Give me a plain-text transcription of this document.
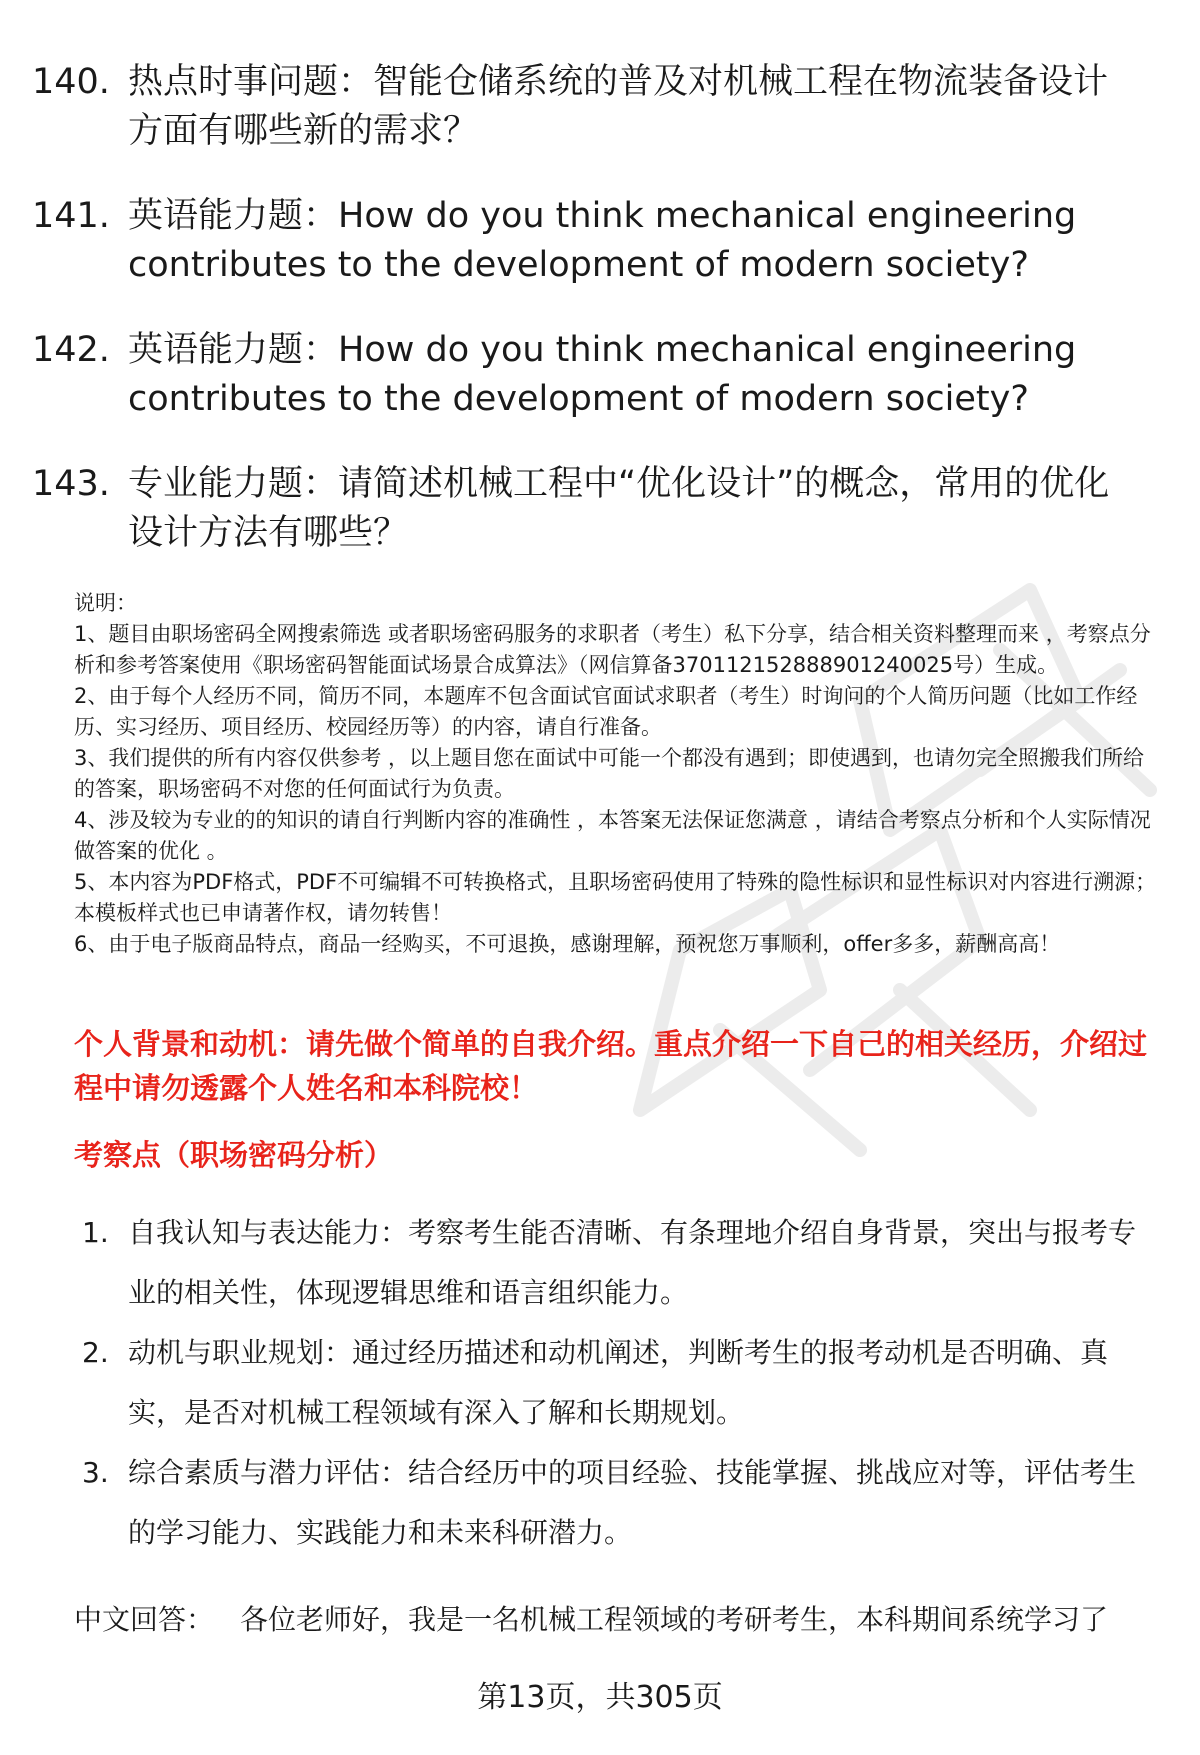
140. 热点时事问题：智能仓储系统的普及对机械工程在物流装备设计方面有哪些新的需求？
141. 英语能力题：How do you think mechanical engineering contributes to the development of modern society?
142. 英语能力题：How do you think mechanical engineering contributes to the development of modern society?
143. 专业能力题：请简述机械工程中“优化设计”的概念，常用的优化设计方法有哪些？

说明：

1、题目由职场密码全网搜索筛选 或者职场密码服务的求职者（考生）私下分享，结合相关资料整理而来 ，考察点分析和参考答案使用《职场密码智能面试场景合成算法》（网信算备370112152888901240025号）生成。

2、由于每个人经历不同，简历不同，本题库不包含面试官面试求职者（考生）时询问的个人简历问题（比如工作经历、实习经历、项目经历、校园经历等）的内容，请自行准备。

3、我们提供的所有内容仅供参考 ，以上题目您在面试中可能一个都没有遇到；即使遇到，也请勿完全照搬我们所给的答案，职场密码不对您的任何面试行为负责。

4、涉及较为专业的的知识的请自行判断内容的准确性 ，本答案无法保证您满意 ，请结合考察点分析和个人实际情况做答案的优化 。

5、本内容为PDF格式，PDF不可编辑不可转换格式，且职场密码使用了特殊的隐性标识和显性标识对内容进行溯源；本模板样式也已申请著作权，请勿转售！

6、由于电子版商品特点，商品一经购买，不可退换，感谢理解，预祝您万事顺利，offer多多，薪酬高高！

个人背景和动机：请先做个简单的自我介绍。重点介绍一下自己的相关经历，介绍过程中请勿透露个人姓名和本科院校！
考察点（职场密码分析）
1. 自我认知与表达能力：考察考生能否清晰、有条理地介绍自身背景，突出与报考专业的相关性，体现逻辑思维和语言组织能力。
2. 动机与职业规划：通过经历描述和动机阐述，判断考生的报考动机是否明确、真实，是否对机械工程领域有深入了解和长期规划。
3. 综合素质与潜力评估：结合经历中的项目经验、技能掌握、挑战应对等，评估考生的学习能力、实践能力和未来科研潜力。
中文回答： 各位老师好，我是一名机械工程领域的考研考生，本科期间系统学习了
第13页，共305页
